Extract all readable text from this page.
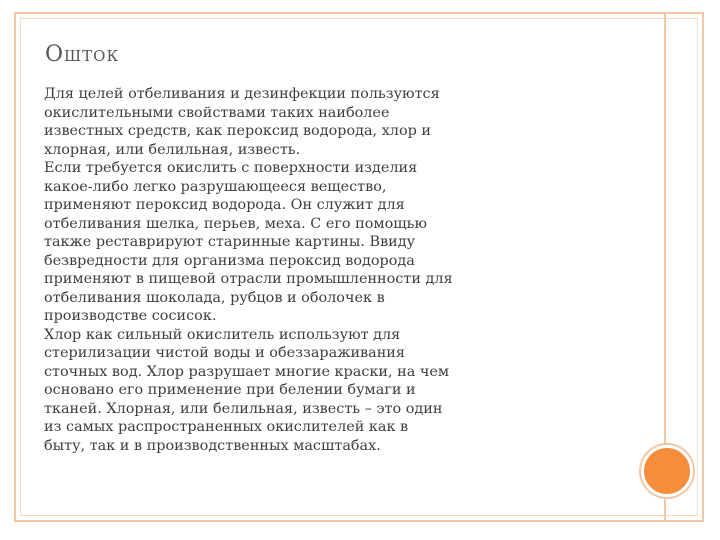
Ошток
Для целей отбеливания и дезинфекции пользуются
окислительными свойствами таких наиболее
известных средств, как пероксид водорода, хлор и
хлорная, или белильная, известь.
Если требуется окислить с поверхности изделия
какое-либо легко разрушающееся вещество,
применяют пероксид водорода. Он служит для
отбеливания шелка, перьев, меха. С его помощью
также реставрируют старинные картины. Ввиду
безвредности для организма пероксид водорода
применяют в пищевой отрасли промышленности для
отбеливания шоколада, рубцов и оболочек в
производстве сосисок.
Хлор как сильный окислитель используют для
стерилизации чистой воды и обеззараживания
сточных вод. Хлор разрушает многие краски, на чем
основано его применение при белении бумаги и
тканей. Хлорная, или белильная, известь – это один
из самых распространенных окислителей как в
быту, так и в производственных масштабах.
